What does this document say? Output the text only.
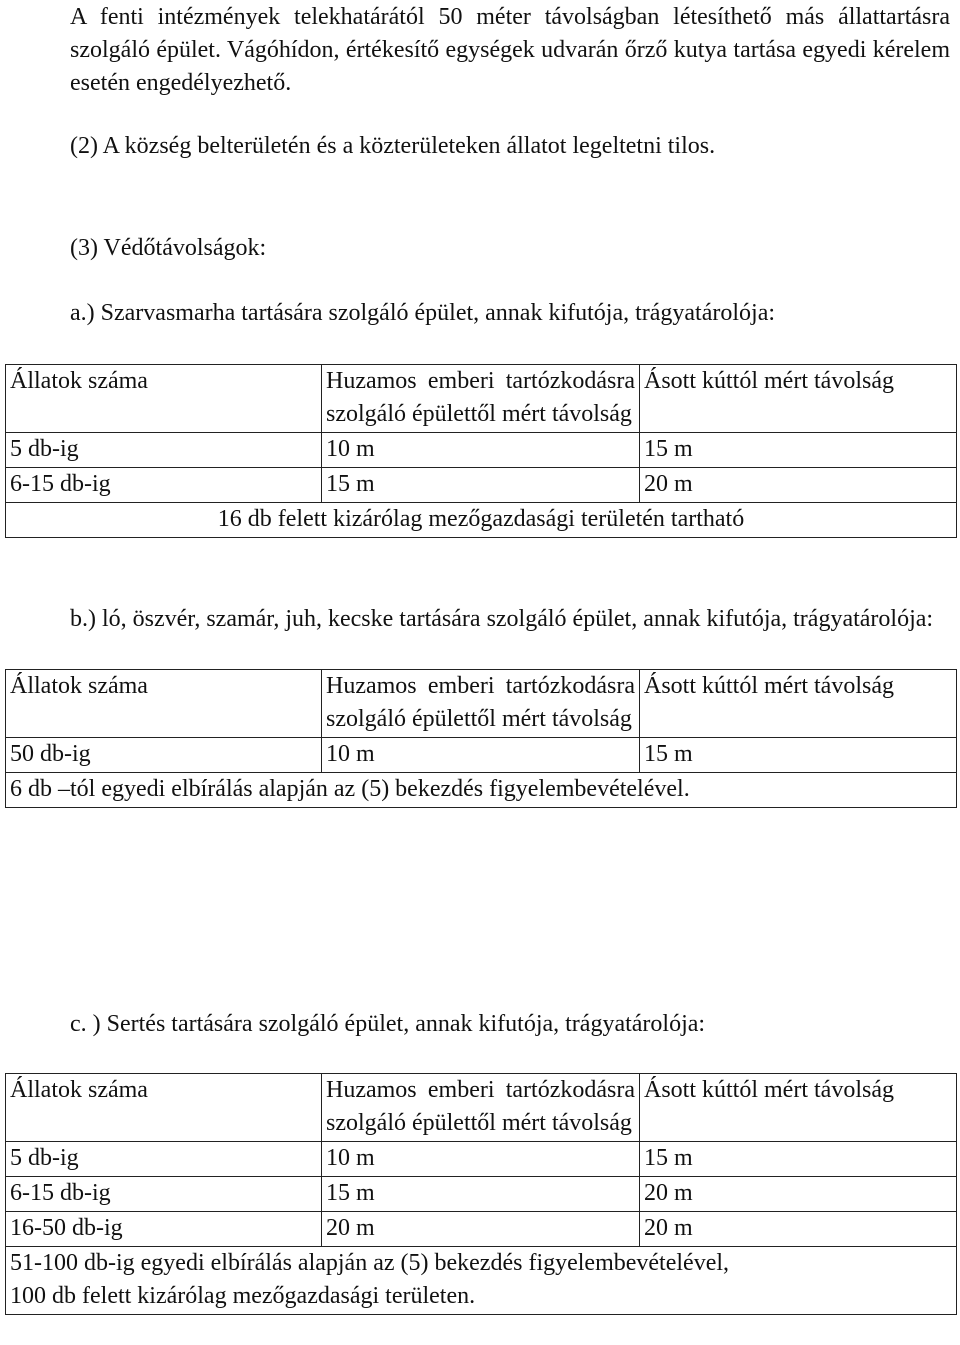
A fenti intézmények telekhatárától 50 méter távolságban létesíthető más állattartásra szolgáló épület. Vágóhídon, értékesítő egységek udvarán őrző kutya tartása egyedi kérelem esetén engedélyezhető.

(2) A község belterületén és a közterületeken állatot legeltetni tilos.

(3) Védőtávolságok:

a.) Szarvasmarha tartására szolgáló épület, annak kifutója, trágyatárolója:

Állatok száma	Huzamos emberi tartózkodásra szolgáló épülettől mért távolság	Ásott kúttól mért távolság
5 db-ig	10 m	15 m
6-15 db-ig	15 m	20 m
16 db felett kizárólag mezőgazdasági területén tartható		

b.) ló, öszvér, szamár, juh, kecske tartására szolgáló épület, annak kifutója, trágyatárolója:

Állatok száma	Huzamos emberi tartózkodásra szolgáló épülettől mért távolság	Ásott kúttól mért távolság
50 db-ig	10 m	15 m
6 db –tól egyedi elbírálás alapján az (5) bekezdés figyelembevételével.		

c. ) Sertés tartására szolgáló épület, annak kifutója, trágyatárolója:

Állatok száma	Huzamos emberi tartózkodásra szolgáló épülettől mért távolság	Ásott kúttól mért távolság
5 db-ig	10 m	15 m
6-15 db-ig	15 m	20 m
16-50 db-ig	20 m	20 m

51-100 db-ig egyedi elbírálás alapján az (5) bekezdés figyelembevételével,
100 db felett kizárólag mezőgazdasági területen.		
